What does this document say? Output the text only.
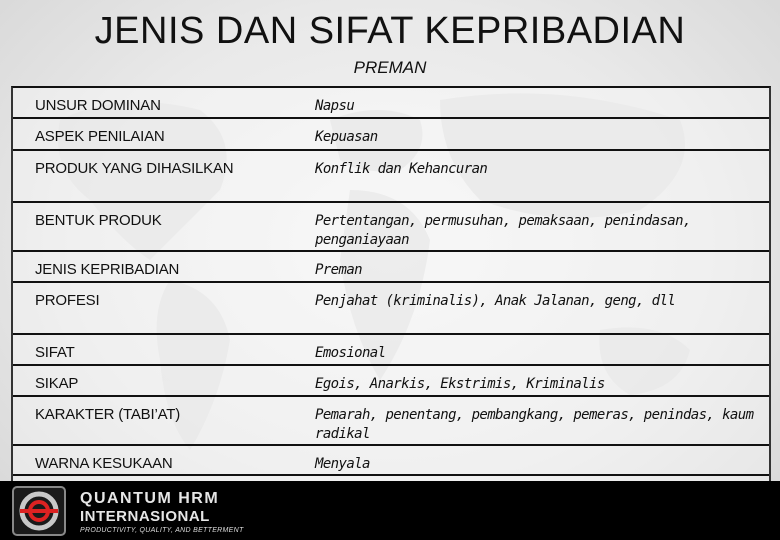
JENIS DAN SIFAT KEPRIBADIAN
PREMAN
UNSUR DOMINAN	Napsu
ASPEK PENILAIAN	Kepuasan
PRODUK YANG DIHASILKAN	Konflik dan Kehancuran
BENTUK PRODUK	Pertentangan, permusuhan, pemaksaan, penindasan, penganiayaan
JENIS KEPRIBADIAN	Preman
PROFESI	Penjahat (kriminalis), Anak Jalanan, geng, dll
SIFAT	Emosional
SIKAP	Egois, Anarkis, Ekstrimis, Kriminalis
KARAKTER (TABI’AT)	Pemarah, penentang, pembangkang, pemeras, penindas, kaum radikal
WARNA KESUKAAN	Menyala
QUANTUM HRM
INTERNASIONAL
PRODUCTIVITY, QUALITY, AND BETTERMENT
